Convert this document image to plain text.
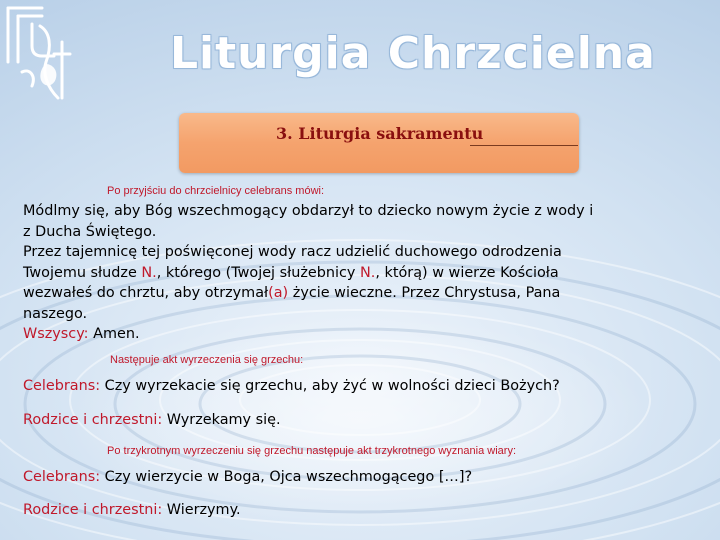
Liturgia Chrzcielna
3. Liturgia sakramentu
Po przyjściu do chrzcielnicy celebrans mówi:
Módlmy się, aby Bóg wszechmogący obdarzył to dziecko nowym życie z wody i
z Ducha Świętego.
Przez tajemnicę tej poświęconej wody racz udzielić duchowego odrodzenia
Twojemu słudze N., którego (Twojej służebnicy N., którą) w wierze Kościoła
wezwałeś do chrztu, aby otrzymał(a) życie wieczne. Przez Chrystusa, Pana
naszego.
Wszyscy: Amen.
Następuje akt wyrzeczenia się grzechu:
Celebrans: Czy wyrzekacie się grzechu, aby żyć w wolności dzieci Bożych?
Rodzice i chrzestni: Wyrzekamy się.
Po trzykrotnym wyrzeczeniu się grzechu następuje akt trzykrotnego wyznania wiary:
Celebrans: Czy wierzycie w Boga, Ojca wszechmogącego […]?
Rodzice i chrzestni: Wierzymy.
